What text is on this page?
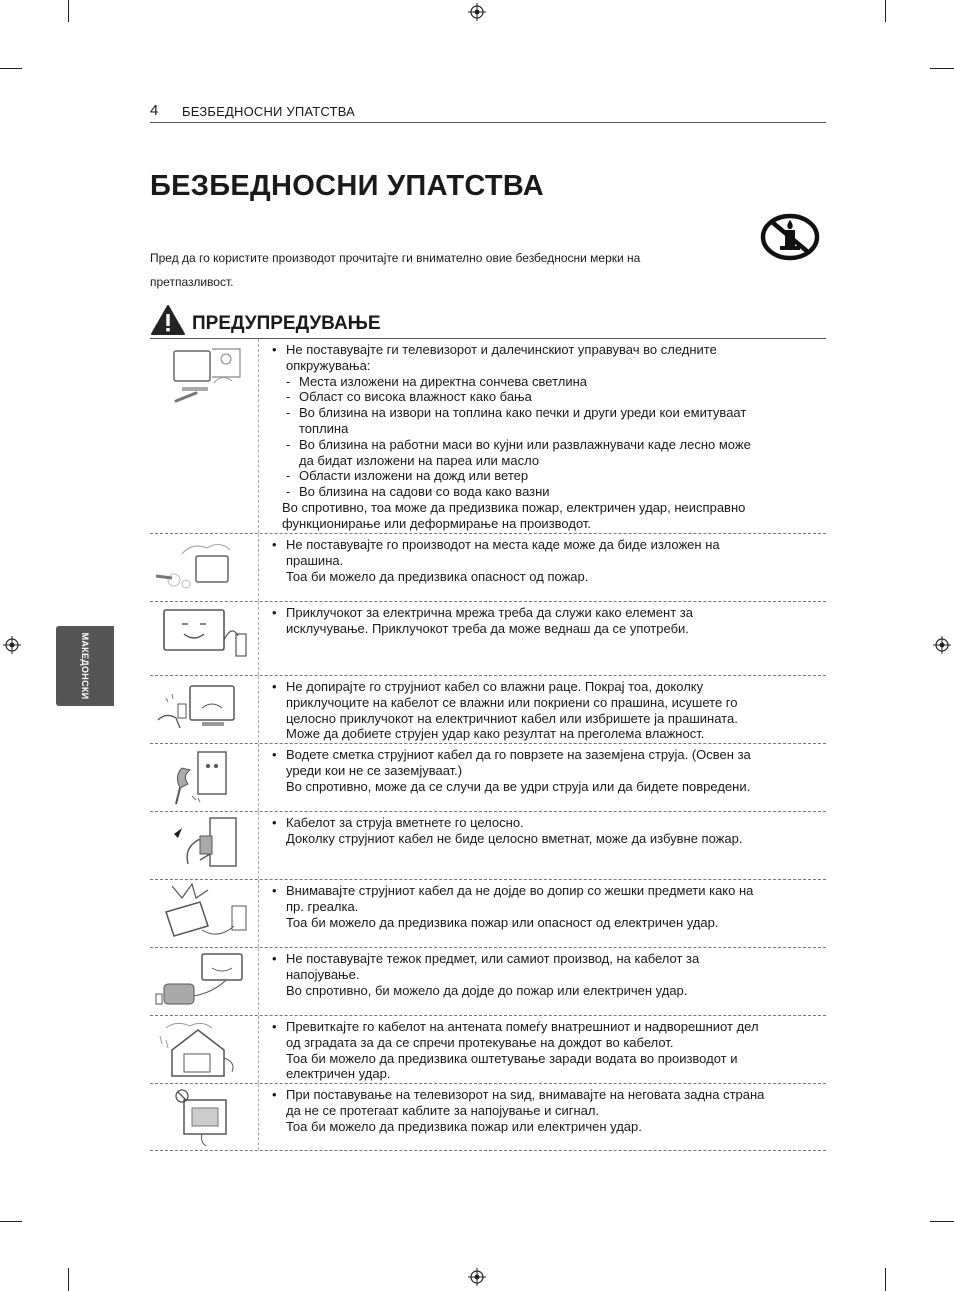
4 БЕЗБЕДНОСНИ УПАТСТВА
БЕЗБЕДНОСНИ УПАТСТВА
Пред да го користите производот прочитајте ги внимателно овие безбедносни мерки на претпазливост.
МАКЕДОНСКИ
ПРЕДУПРЕДУВАЊЕ
• Не поставувајте ги телевизорот и далечинскиот управувач во следните
опкружувања:
- Места изложени на директна сончева светлина
- Област со висока влажност како бања
- Во близина на извори на топлина како печки и други уреди кои емитуваат
топлина
- Во близина на работни маси во кујни или развлажнувачи каде лесно може
да бидат изложени на пареа или масло
- Области изложени на дожд или ветер
- Во близина на садови со вода како вазни
Во спротивно, тоа може да предизвика пожар, електричен удар, неисправно
функционирање или деформирање на производот.
• Не поставувајте го производот на места каде може да биде изложен на
прашина.
Тоа би можело да предизвика опасност од пожар.
• Приклучокот за електрична мрежа треба да служи како елемент за
исклучување. Приклучокот треба да може веднаш да се употреби.
• Не допирајте го струјниот кабел со влажни раце. Покрај тоа, доколку
приклучоците на кабелот се влажни или покриени со прашина, исушете го
целосно приклучокот на електричниот кабел или избришете ја прашината.
Може да добиете струјен удар како резултат на преголема влажност.
• Водете сметка струјниот кабел да го поврзете на заземјена струја. (Освен за
уреди кои не се заземјуваат.)
Во спротивно, може да се случи да ве удри струја или да бидете повредени.
• Кабелот за струја вметнете го целосно.
Доколку струјниот кабел не биде целосно вметнат, може да избувне пожар.
• Внимавајте струјниот кабел да не дојде во допир со жешки предмети како на
пр. греалка.
Тоа би можело да предизвика пожар или опасност од електричен удар.
• Не поставувајте тежок предмет, или самиот производ, на кабелот за
напојување.
Во спротивно, би можело да дојде до пожар или електричен удар.
• Превиткајте го кабелот на антената помеѓу внатрешниот и надворешниот дел
од зградата за да се спречи протекување на дождот во кабелот.
Тоа би можело да предизвика оштетување заради водата во производот и
електричен удар.
• При поставување на телевизорот на ѕид, внимавајте на неговата задна страна
да не се протегаат каблите за напојување и сигнал.
Тоа би можело да предизвика пожар или електричен удар.
